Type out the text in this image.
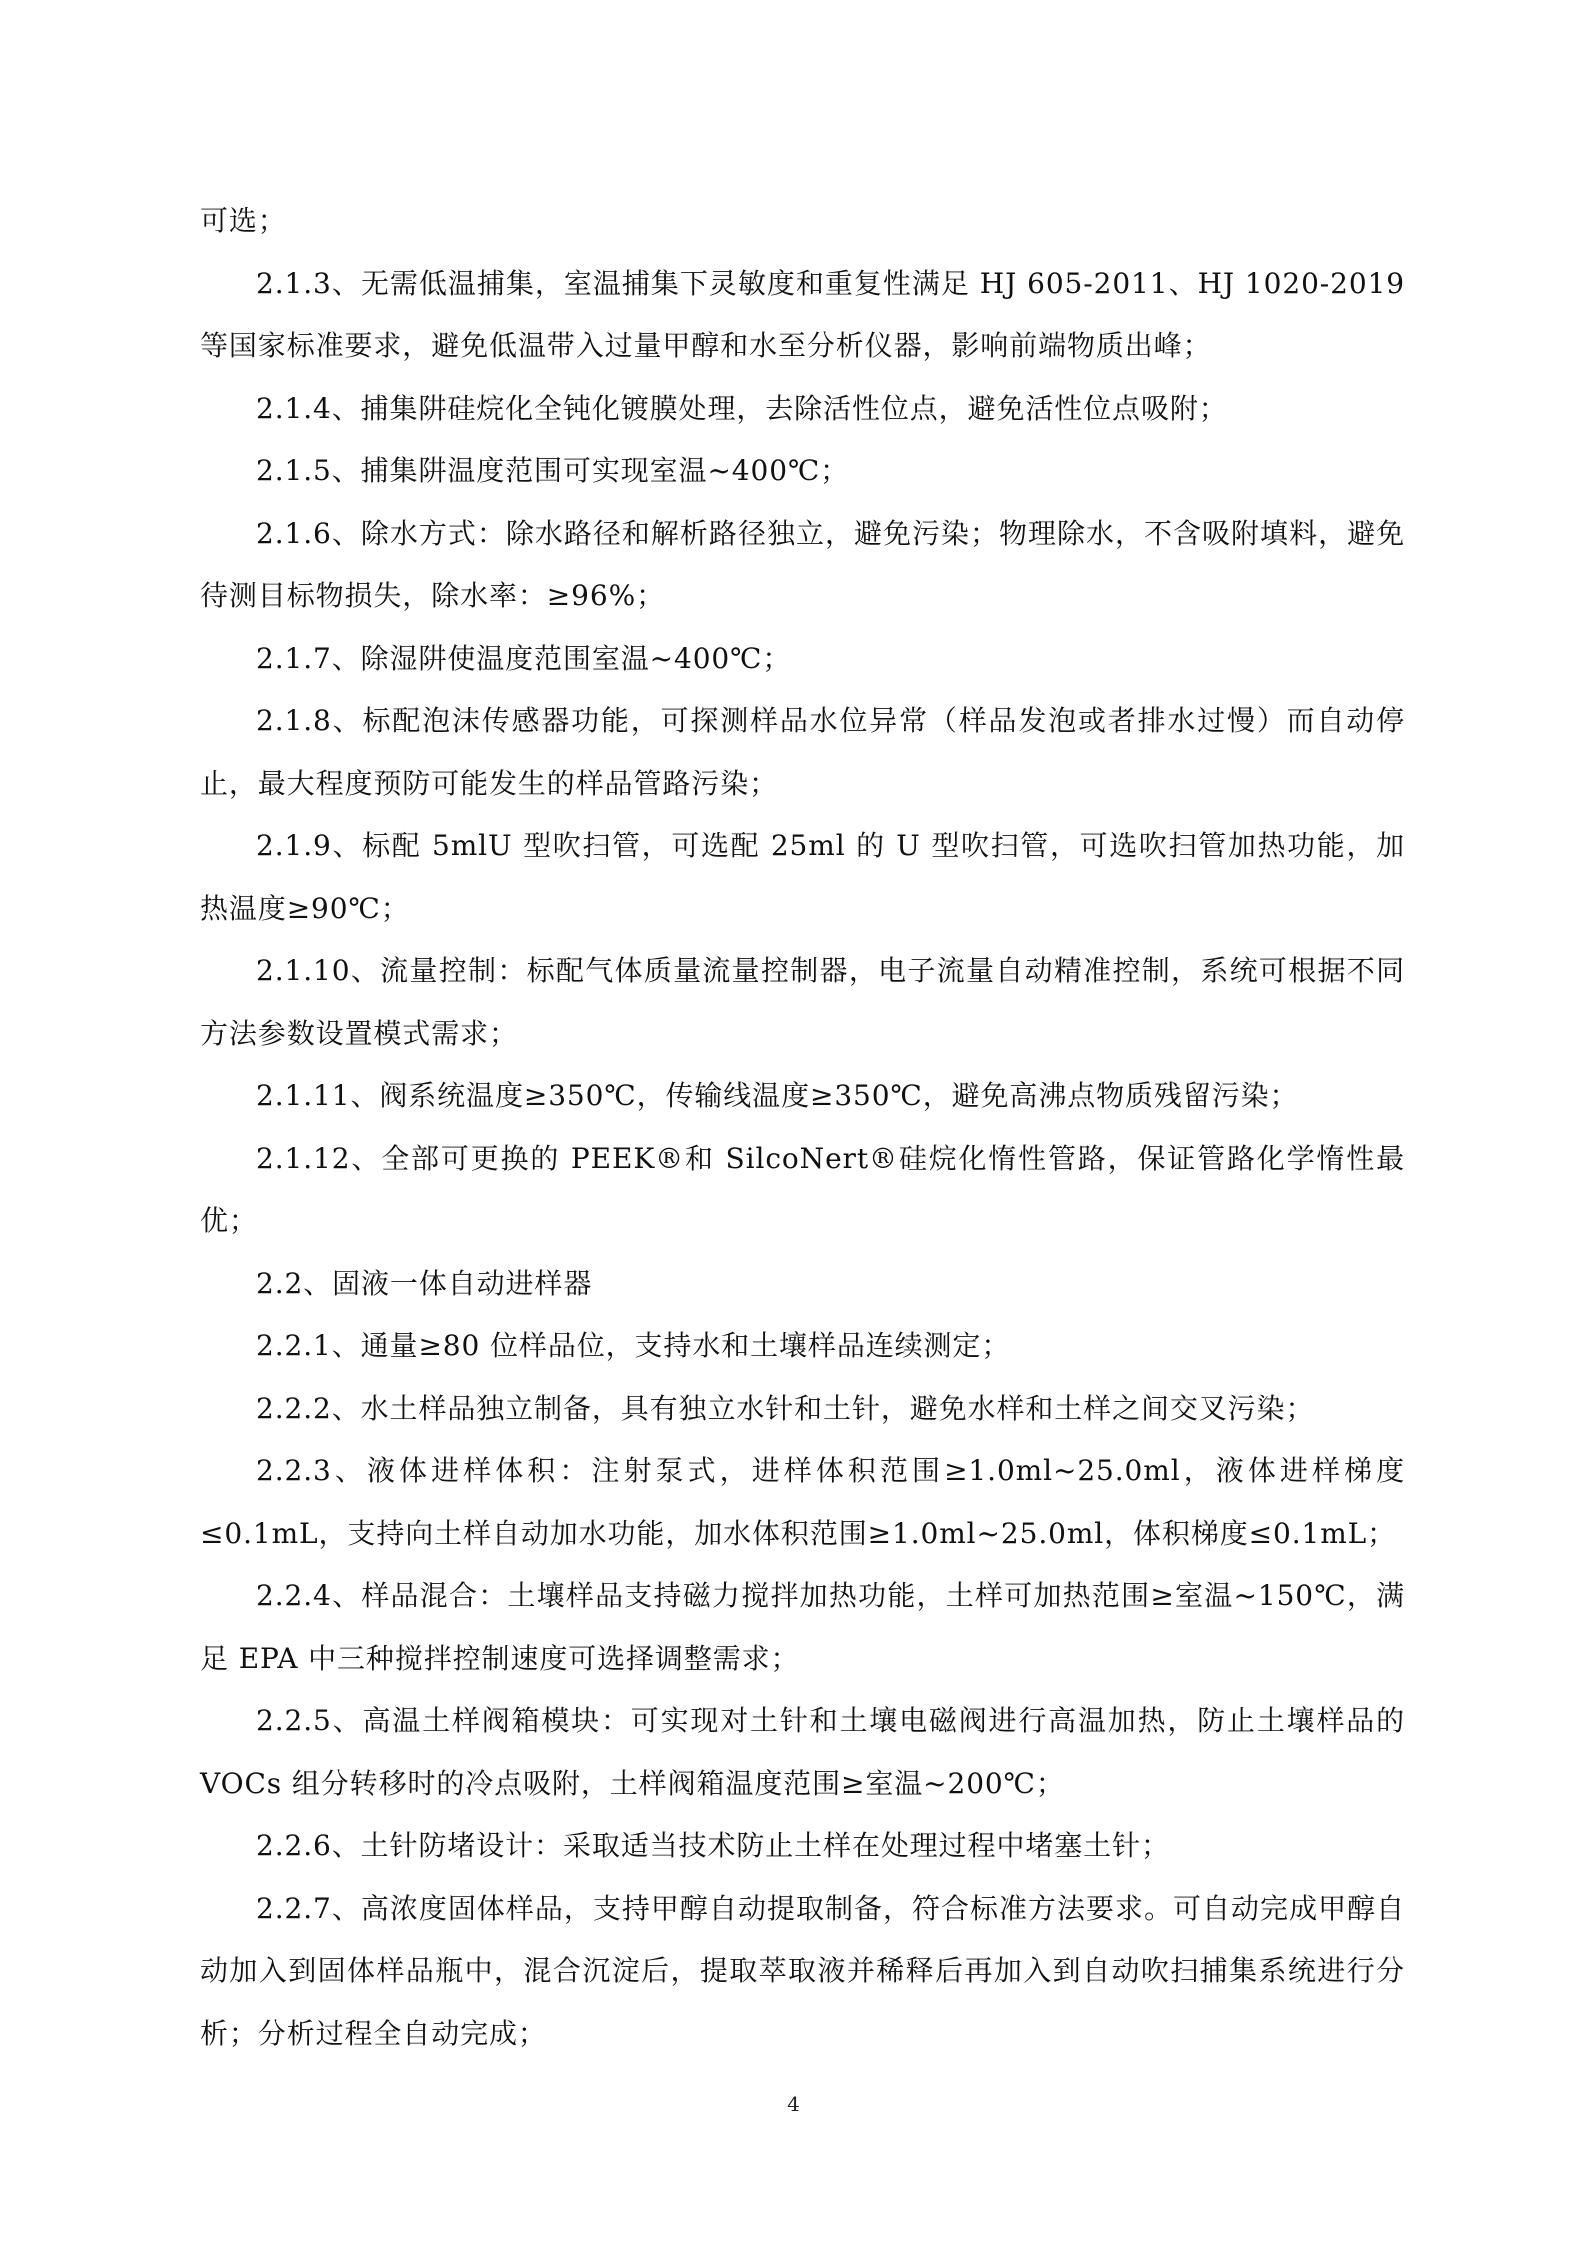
可选；

2.1.3、无需低温捕集，室温捕集下灵敏度和重复性满足 HJ 605-2011、HJ 1020-2019 等国家标准要求，避免低温带入过量甲醇和水至分析仪器，影响前端物质出峰；

2.1.4、捕集阱硅烷化全钝化镀膜处理，去除活性位点，避免活性位点吸附；

2.1.5、捕集阱温度范围可实现室温~400℃；

2.1.6、除水方式：除水路径和解析路径独立，避免污染；物理除水，不含吸附填料，避免待测目标物损失，除水率：≥96%；

2.1.7、除湿阱使温度范围室温~400℃；

2.1.8、标配泡沫传感器功能，可探测样品水位异常（样品发泡或者排水过慢）而自动停止，最大程度预防可能发生的样品管路污染；

2.1.9、标配 5mlU 型吹扫管，可选配 25ml 的 U 型吹扫管，可选吹扫管加热功能，加热温度≥90℃；

2.1.10、流量控制：标配气体质量流量控制器，电子流量自动精准控制，系统可根据不同方法参数设置模式需求；

2.1.11、阀系统温度≥350℃，传输线温度≥350℃，避免高沸点物质残留污染；

2.1.12、全部可更换的 PEEK®和 SilcoNert®硅烷化惰性管路，保证管路化学惰性最优；

2.2、固液一体自动进样器

2.2.1、通量≥80 位样品位，支持水和土壤样品连续测定；

2.2.2、水土样品独立制备，具有独立水针和土针，避免水样和土样之间交叉污染；

2.2.3、液体进样体积：注射泵式，进样体积范围≥1.0ml~25.0ml，液体进样梯度≤0.1mL，支持向土样自动加水功能，加水体积范围≥1.0ml~25.0ml，体积梯度≤0.1mL；

2.2.4、样品混合：土壤样品支持磁力搅拌加热功能，土样可加热范围≥室温~150℃，满足 EPA 中三种搅拌控制速度可选择调整需求；

2.2.5、高温土样阀箱模块：可实现对土针和土壤电磁阀进行高温加热，防止土壤样品的 VOCs 组分转移时的冷点吸附，土样阀箱温度范围≥室温~200℃；

2.2.6、土针防堵设计：采取适当技术防止土样在处理过程中堵塞土针；

2.2.7、高浓度固体样品，支持甲醇自动提取制备，符合标准方法要求。可自动完成甲醇自动加入到固体样品瓶中，混合沉淀后，提取萃取液并稀释后再加入到自动吹扫捕集系统进行分析；分析过程全自动完成；

4
